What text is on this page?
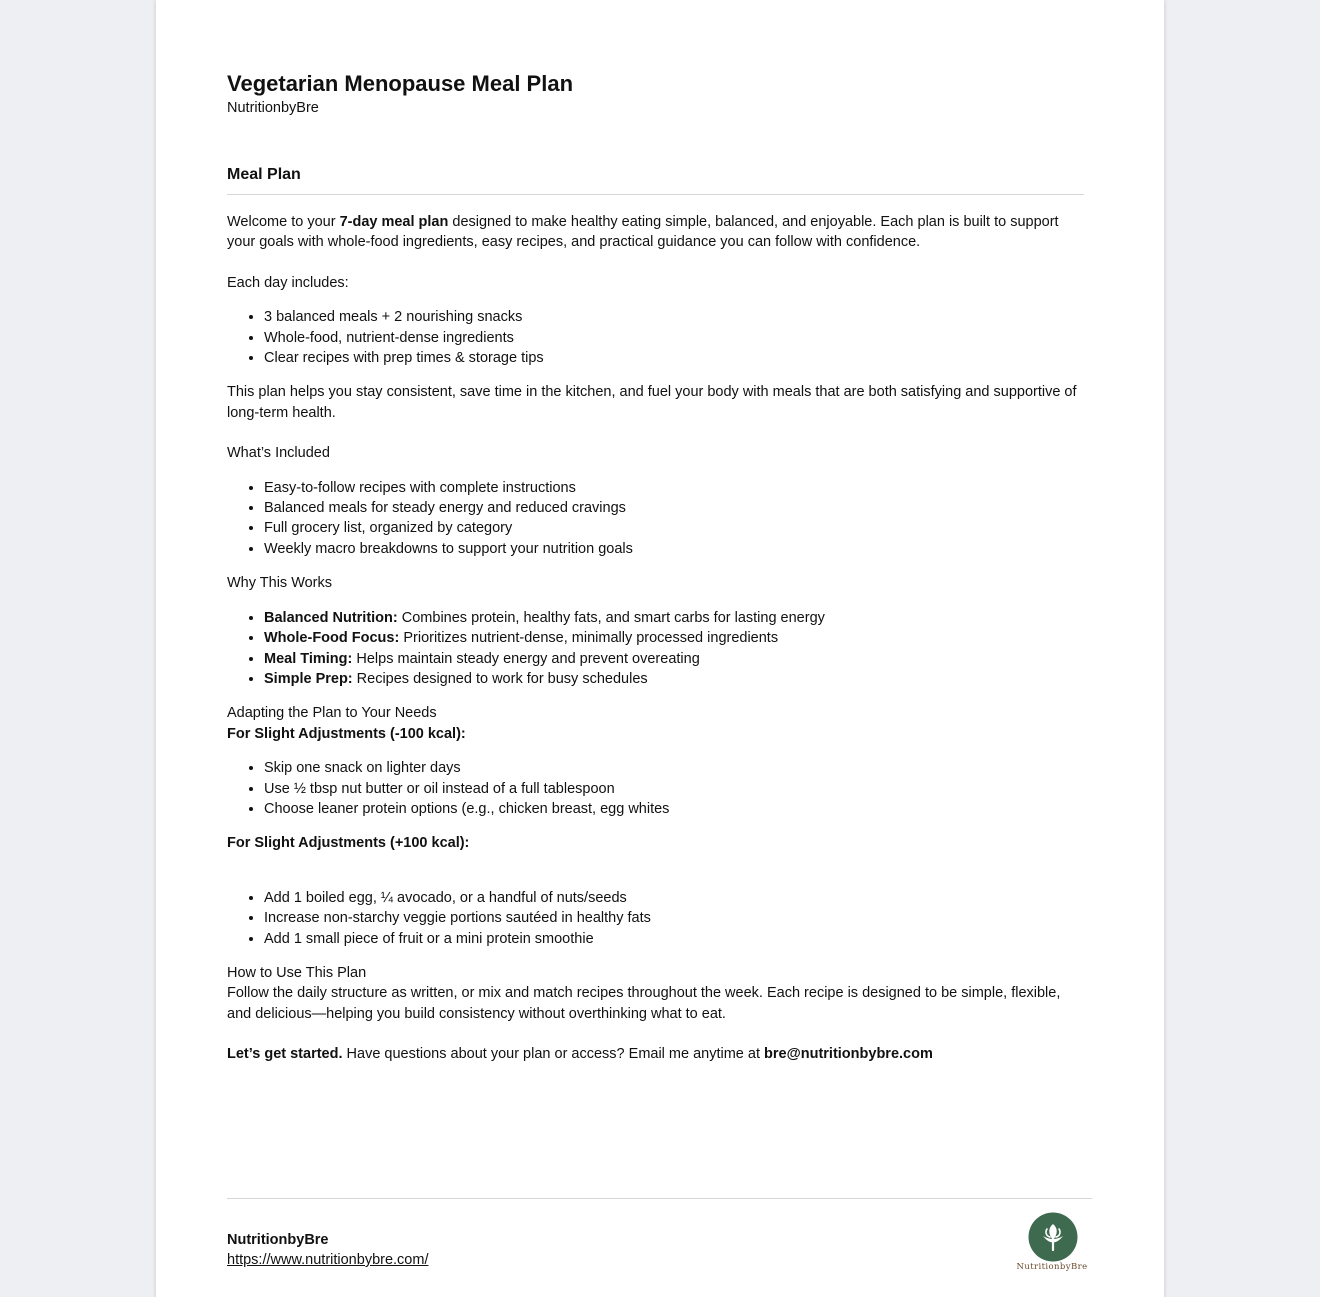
Vegetarian Menopause Meal Plan
NutritionbyBre
Meal Plan

Welcome to your 7-day meal plan designed to make healthy eating simple, balanced, and enjoyable. Each plan is built to support your goals with whole-food ingredients, easy recipes, and practical guidance you can follow with confidence.

Each day includes:

• 3 balanced meals + 2 nourishing snacks
• Whole-food, nutrient-dense ingredients
• Clear recipes with prep times & storage tips

This plan helps you stay consistent, save time in the kitchen, and fuel your body with meals that are both satisfying and supportive of long-term health.

What’s Included

• Easy-to-follow recipes with complete instructions
• Balanced meals for steady energy and reduced cravings
• Full grocery list, organized by category
• Weekly macro breakdowns to support your nutrition goals

Why This Works

• Balanced Nutrition: Combines protein, healthy fats, and smart carbs for lasting energy
• Whole-Food Focus: Prioritizes nutrient-dense, minimally processed ingredients
• Meal Timing: Helps maintain steady energy and prevent overeating
• Simple Prep: Recipes designed to work for busy schedules

Adapting the Plan to Your Needs

For Slight Adjustments (-100 kcal):

• Skip one snack on lighter days
• Use ½ tbsp nut butter or oil instead of a full tablespoon
• Choose leaner protein options (e.g., chicken breast, egg whites

For Slight Adjustments (+100 kcal):

• Add 1 boiled egg, ¼ avocado, or a handful of nuts/seeds
• Increase non-starchy veggie portions sautéed in healthy fats
• Add 1 small piece of fruit or a mini protein smoothie

How to Use This Plan

Follow the daily structure as written, or mix and match recipes throughout the week. Each recipe is designed to be simple, flexible, and delicious—helping you build consistency without overthinking what to eat.

Let’s get started. Have questions about your plan or access? Email me anytime at bre@nutritionbybre.com

NutritionbyBre
https://www.nutritionbybre.com/	NutritionbyBre
